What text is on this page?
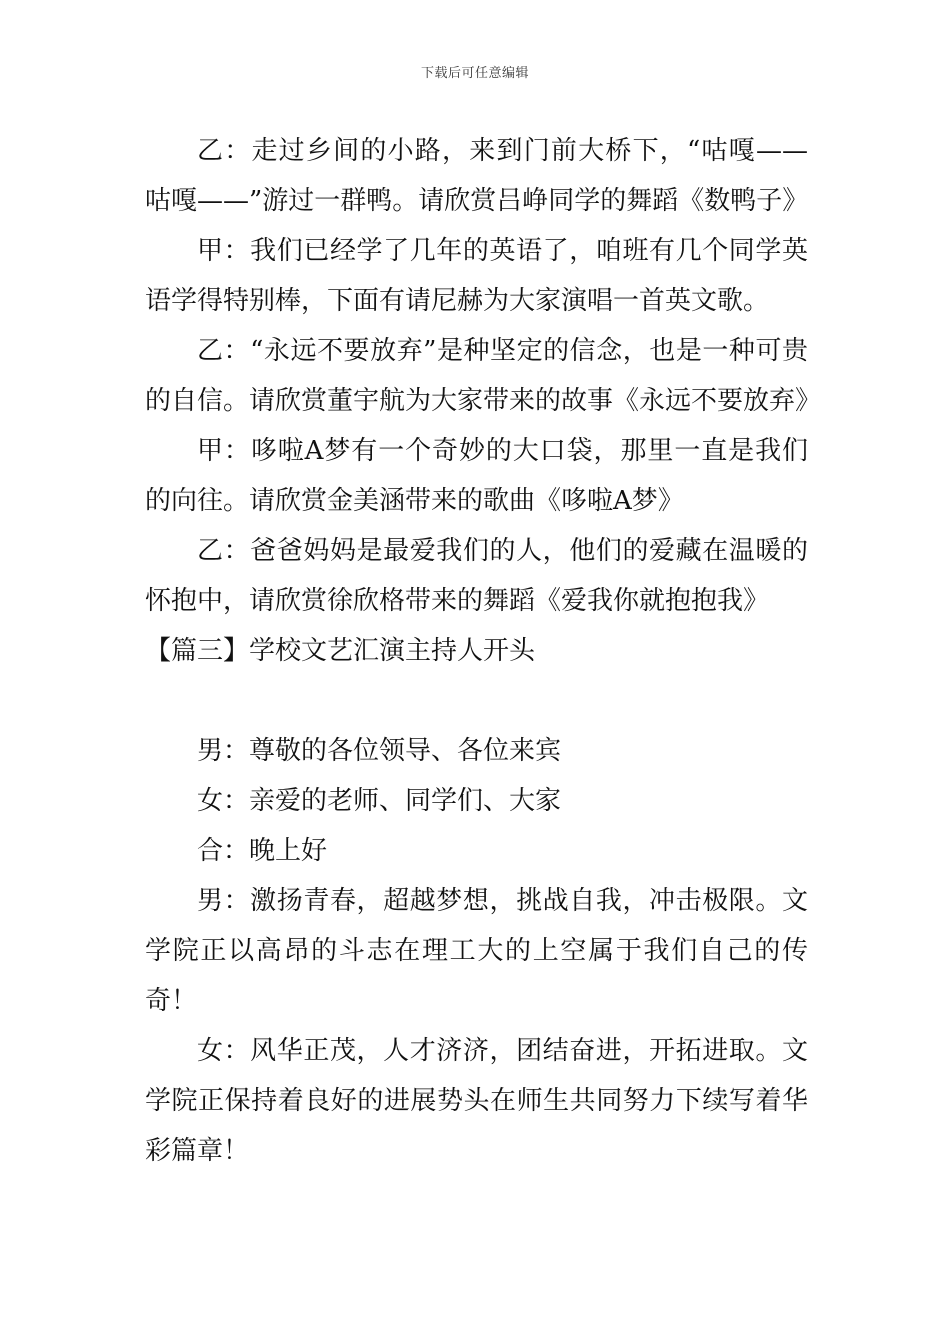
下载后可任意编辑

乙：走过乡间的小路，来到门前大桥下，“咕嘎——咕嘎——”游过一群鸭。请欣赏吕峥同学的舞蹈《数鸭子》

甲：我们已经学了几年的英语了，咱班有几个同学英语学得特别棒，下面有请尼赫为大家演唱一首英文歌。

乙：“永远不要放弃”是种坚定的信念，也是一种可贵的自信。请欣赏董宇航为大家带来的故事《永远不要放弃》

甲：哆啦A梦有一个奇妙的大口袋，那里一直是我们的向往。请欣赏金美涵带来的歌曲《哆啦A梦》

乙：爸爸妈妈是最爱我们的人，他们的爱藏在温暖的怀抱中，请欣赏徐欣格带来的舞蹈《爱我你就抱抱我》

【篇三】学校文艺汇演主持人开头

男：尊敬的各位领导、各位来宾

女：亲爱的老师、同学们、大家

合：晚上好

男：激扬青春，超越梦想，挑战自我，冲击极限。文学院正以高昂的斗志在理工大的上空属于我们自己的传奇！

女：风华正茂，人才济济，团结奋进，开拓进取。文学院正保持着良好的进展势头在师生共同努力下续写着华彩篇章！
